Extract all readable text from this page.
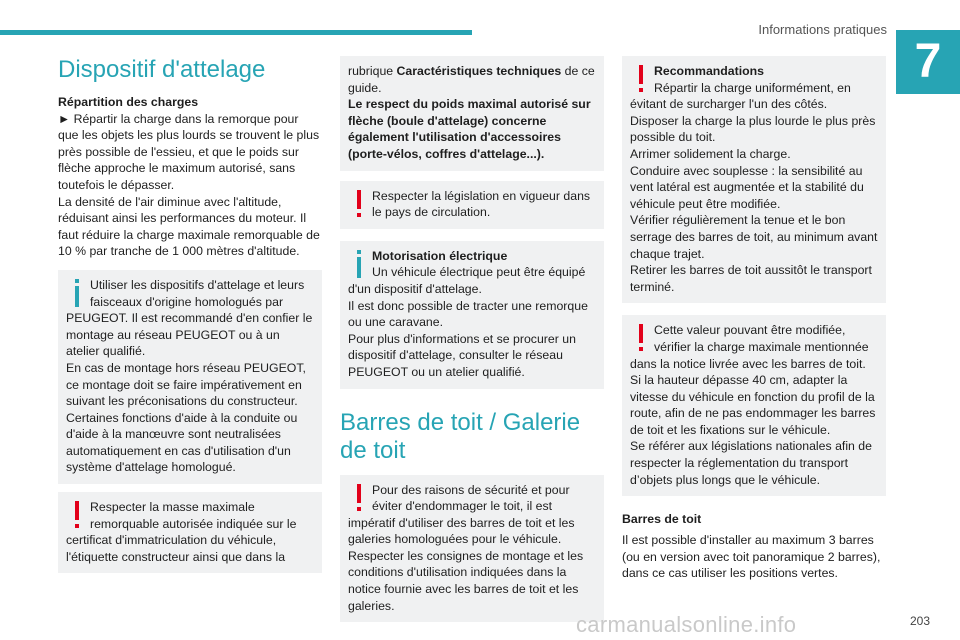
Informations pratiques
7
Dispositif d'attelage

Répartition des charges

► Répartir la charge dans la remorque pour que les objets les plus lourds se trouvent le plus près possible de l'essieu, et que le poids sur flèche approche le maximum autorisé, sans toutefois le dépasser.

La densité de l'air diminue avec l'altitude, réduisant ainsi les performances du moteur. Il faut réduire la charge maximale remorquable de 10 % par tranche de 1 000 mètres d'altitude.

Utiliser les dispositifs d'attelage et leurs faisceaux d'origine homologués par
PEUGEOT. Il est recommandé d'en confier le montage au réseau PEUGEOT ou à un atelier qualifié.
En cas de montage hors réseau PEUGEOT, ce montage doit se faire impérativement en suivant les préconisations du constructeur.
Certaines fonctions d'aide à la conduite ou d'aide à la manœuvre sont neutralisées automatiquement en cas d'utilisation d'un système d'attelage homologué.
Respecter la masse maximale remorquable autorisée indiquée sur le
certificat d'immatriculation du véhicule, l'étiquette constructeur ainsi que dans la
rubrique Caractéristiques techniques de ce guide.
Le respect du poids maximal autorisé sur flèche (boule d'attelage) concerne également l'utilisation d'accessoires (porte-vélos, coffres d'attelage...).
Respecter la législation en vigueur dans le pays de circulation.
Motorisation électrique
Un véhicule électrique peut être équipé
d'un dispositif d'attelage.
Il est donc possible de tracter une remorque ou une caravane.
Pour plus d'informations et se procurer un dispositif d'attelage, consulter le réseau PEUGEOT ou un atelier qualifié.
Barres de toit / Galerie de toit
Pour des raisons de sécurité et pour éviter d'endommager le toit, il est
impératif d'utiliser des barres de toit et les galeries homologuées pour le véhicule.
Respecter les consignes de montage et les conditions d'utilisation indiquées dans la notice fournie avec les barres de toit et les galeries.
Recommandations
Répartir la charge uniformément, en
évitant de surcharger l'un des côtés.
Disposer la charge la plus lourde le plus près possible du toit.
Arrimer solidement la charge.
Conduire avec souplesse : la sensibilité au vent latéral est augmentée et la stabilité du véhicule peut être modifiée.
Vérifier régulièrement la tenue et le bon serrage des barres de toit, au minimum avant chaque trajet.
Retirer les barres de toit aussitôt le transport terminé.
Cette valeur pouvant être modifiée, vérifier la charge maximale mentionnée
dans la notice livrée avec les barres de toit.
Si la hauteur dépasse 40 cm, adapter la vitesse du véhicule en fonction du profil de la route, afin de ne pas endommager les barres de toit et les fixations sur le véhicule.
Se référer aux législations nationales afin de respecter la réglementation du transport d’objets plus longs que le véhicule.

Barres de toit

Il est possible d'installer au maximum 3 barres (ou en version avec toit panoramique 2 barres), dans ce cas utiliser les positions vertes.

carmanualsonline.info	203
